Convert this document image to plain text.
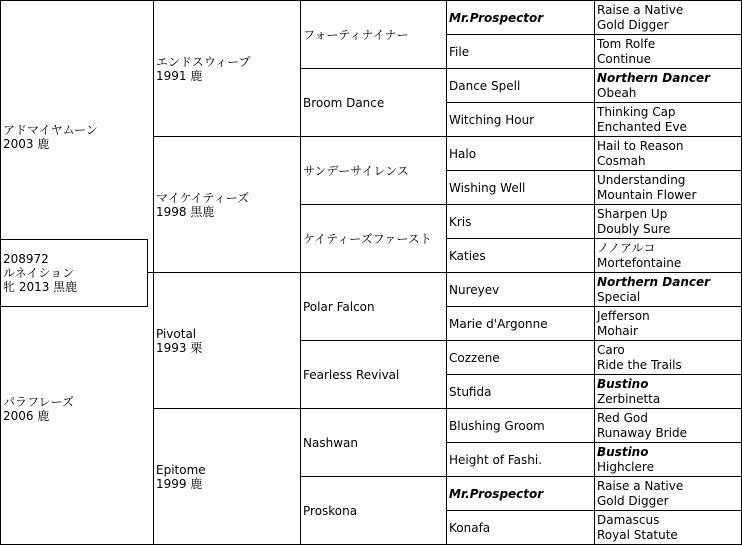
アドマイヤムーン
2003 鹿
パラフレーズ
2006 鹿
208972
ルネイション
牝 2013 黒鹿
エンドスウィープ
1991 鹿
マイケイティーズ
1998 黒鹿
Pivotal
1993 栗
Epitome
1999 鹿
フォーティナイナー
Broom Dance
サンデーサイレンス
ケイティーズファースト
Polar Falcon
Fearless Revival
Nashwan
Proskona
Mr.Prospector
File
Dance Spell
Witching Hour
Halo
Wishing Well
Kris
Katies
Nureyev
Marie d'Argonne
Cozzene
Stufida
Blushing Groom
Height of Fashi.
Mr.Prospector
Konafa
Raise a Native
Gold Digger
Tom Rolfe
Continue
Northern Dancer
Obeah
Thinking Cap
Enchanted Eve
Hail to Reason
Cosmah
Understanding
Mountain Flower
Sharpen Up
Doubly Sure
ノノアルコ
Mortefontaine
Northern Dancer
Special
Jefferson
Mohair
Caro
Ride the Trails
Bustino
Zerbinetta
Red God
Runaway Bride
Bustino
Highclere
Raise a Native
Gold Digger
Damascus
Royal Statute
